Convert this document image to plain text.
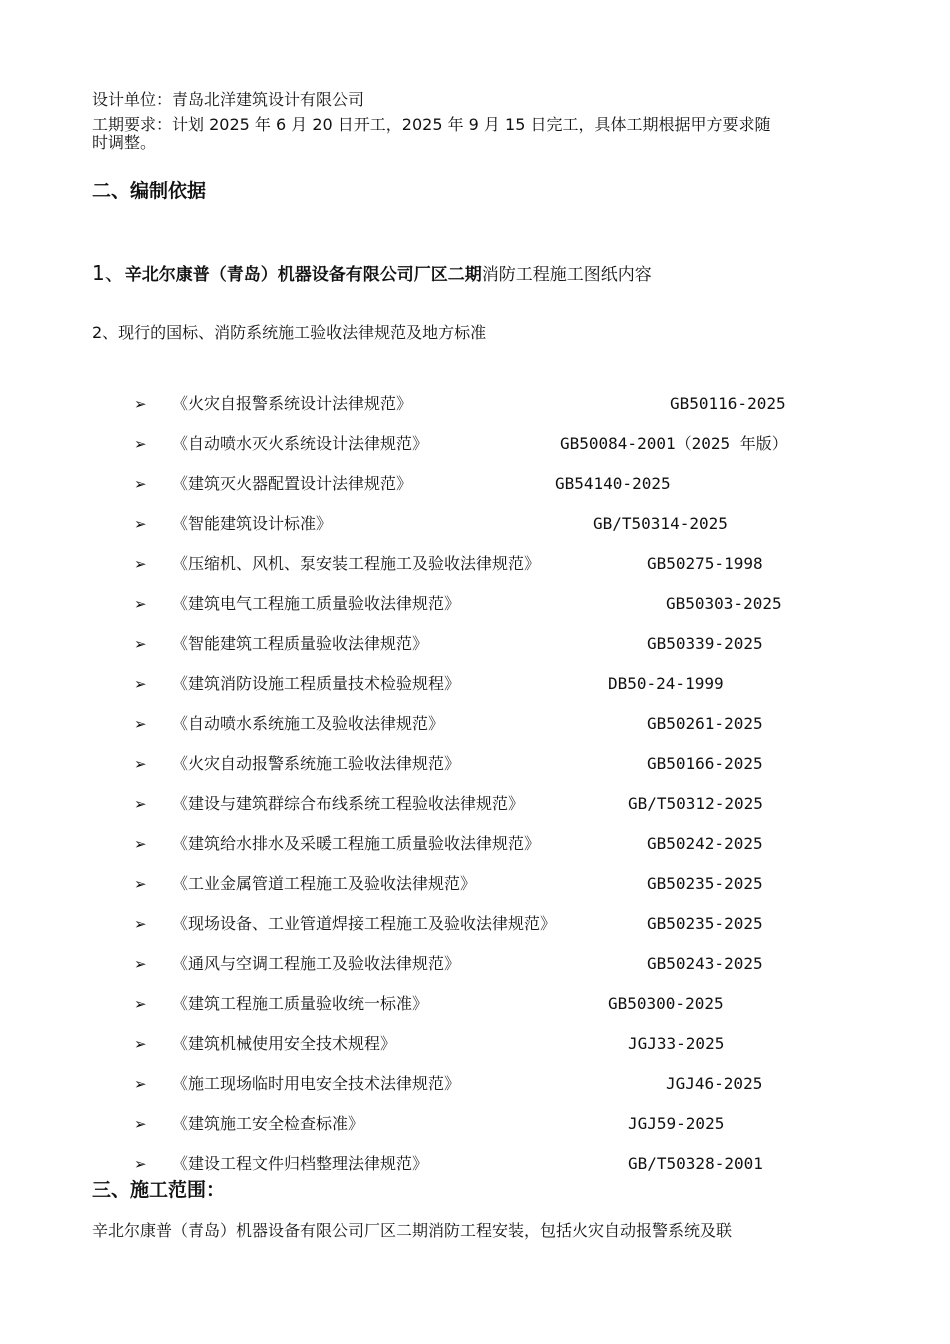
设计单位：青岛北洋建筑设计有限公司
工期要求：计划 2025 年 6 月 20 日开工，2025 年 9 月 15 日完工，具体工期根据甲方要求随
时调整。
二、编制依据
1、辛北尔康普（青岛）机器设备有限公司厂区二期消防工程施工图纸内容
2、现行的国标、消防系统施工验收法律规范及地方标准
➢ 《火灾自报警系统设计法律规范》	GB50116-2025
➢ 《自动喷水灭火系统设计法律规范》	GB50084-2001（2025 年版）
➢ 《建筑灭火器配置设计法律规范》	GB54140-2025
➢ 《智能建筑设计标准》	GB/T50314-2025
➢ 《压缩机、风机、泵安装工程施工及验收法律规范》	GB50275-1998
➢ 《建筑电气工程施工质量验收法律规范》	GB50303-2025
➢ 《智能建筑工程质量验收法律规范》	GB50339-2025
➢ 《建筑消防设施工程质量技术检验规程》	DB50-24-1999
➢ 《自动喷水系统施工及验收法律规范》	GB50261-2025
➢ 《火灾自动报警系统施工验收法律规范》	GB50166-2025
➢ 《建设与建筑群综合布线系统工程验收法律规范》	GB/T50312-2025
➢ 《建筑给水排水及采暖工程施工质量验收法律规范》	GB50242-2025
➢ 《工业金属管道工程施工及验收法律规范》	GB50235-2025
➢ 《现场设备、工业管道焊接工程施工及验收法律规范》	GB50235-2025
➢ 《通风与空调工程施工及验收法律规范》	GB50243-2025
➢ 《建筑工程施工质量验收统一标准》	GB50300-2025
➢ 《建筑机械使用安全技术规程》	JGJ33-2025
➢ 《施工现场临时用电安全技术法律规范》	JGJ46-2025
➢ 《建筑施工安全检查标准》	JGJ59-2025
➢ 《建设工程文件归档整理法律规范》	GB/T50328-2001
三、施工范围：
辛北尔康普（青岛）机器设备有限公司厂区二期消防工程安装，包括火灾自动报警系统及联
